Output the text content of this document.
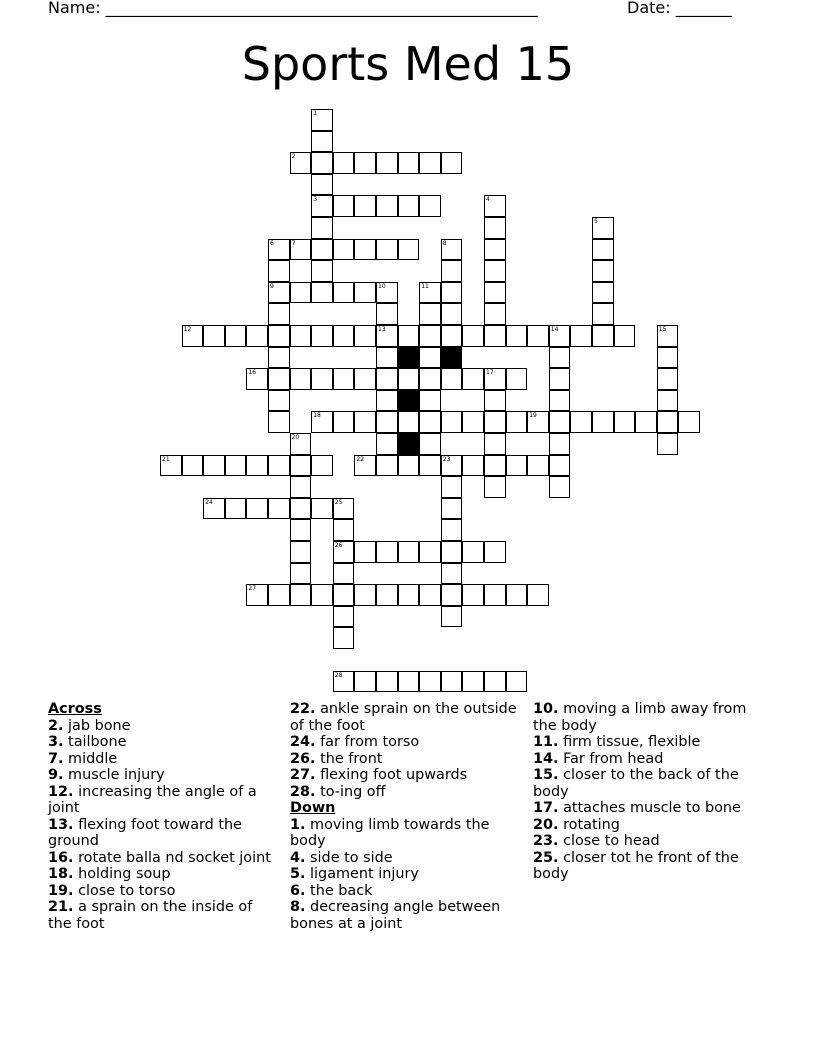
Name: ______________________________________________________

	Date: _______

Sports Med 15
1
3
2
4
5
6
9
7	8
10
13
11
12	14	15
16	17
18	19
20
21	22	23
24	25
26
27
28

Across

2. jab bone

3. tailbone

7. middle

9. muscle injury

12. increasing the angle of a joint

13. flexing foot toward the ground

16. rotate balla nd socket joint

18. holding soup

19. close to torso

21. a sprain on the inside of the foot

22. ankle sprain on the outside of the foot

24. far from torso

26. the front

27. flexing foot upwards

28. to-ing off

Down

1. moving limb towards the body

4. side to side

5. ligament injury

6. the back

8. decreasing angle between bones at a joint

10. moving a limb away from the body

11. firm tissue, flexible

14. Far from head

15. closer to the back of the body

17. attaches muscle to bone

20. rotating

23. close to head

25. closer tot he front of the body
